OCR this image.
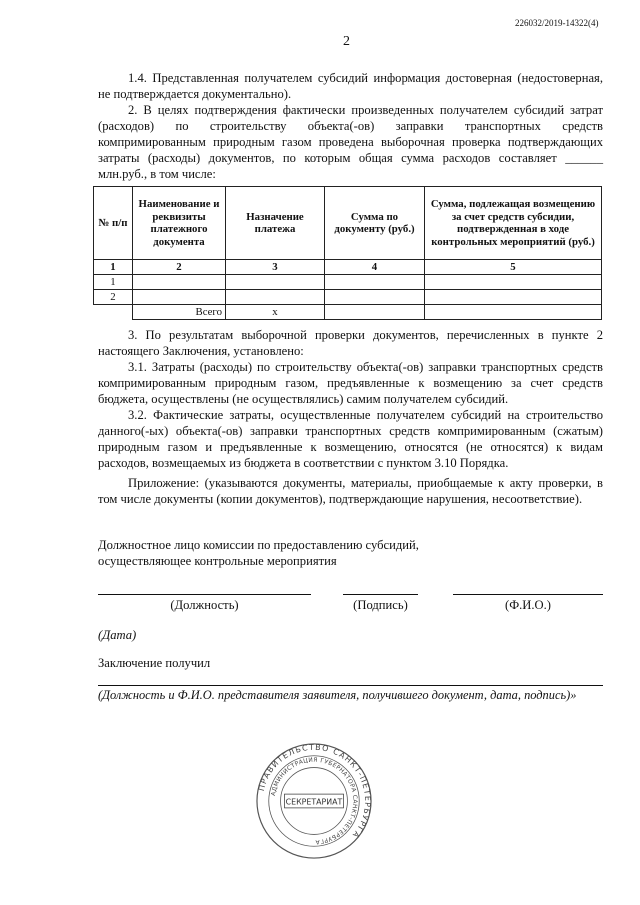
226032/2019-14322(4)
2

1.4. Представленная получателем субсидий информация достоверная (недостоверная, не подтверждается документально).

2. В целях подтверждения фактически произведенных получателем субсидий затрат (расходов) по строительству объекта(-ов) заправки транспортных средств компримированным природным газом проведена выборочная проверка подтверждающих затраты (расходы) документов, по которым общая сумма расходов составляет ______ млн.руб., в том числе:

№ п/п	Наименование и реквизиты платежного документа	Назначение платежа	Сумма по документу (руб.)	Сумма, подлежащая возмещению за счет средств субсидии, подтвержденная в ходе контрольных мероприятий (руб.)
1	2	3	4	5
1				
2				
	Всего	x		

3. По результатам выборочной проверки документов, перечисленных в пункте 2 настоящего Заключения, установлено:

3.1. Затраты (расходы) по строительству объекта(-ов) заправки транспортных средств компримированным природным газом, предъявленные к возмещению за счет средств бюджета, осуществлены (не осуществлялись) самим получателем субсидий.

3.2. Фактические затраты, осуществленные получателем субсидий на строительство данного(-ых) объекта(-ов) заправки транспортных средств компримированным (сжатым) природным газом и предъявленные к возмещению, относятся (не относятся) к видам расходов, возмещаемых из бюджета в соответствии с пунктом 3.10 Порядка.

Приложение: (указываются документы, материалы, приобщаемые к акту проверки, в том числе документы (копии документов), подтверждающие нарушения, несоответствие).

Должностное лицо комиссии по предоставлению субсидий,
осуществляющее контрольные мероприятия
(Должность)	(Подпись)	(Ф.И.О.)
(Дата)
Заключение получил
(Должность и Ф.И.О. представителя заявителя, получившего документ, дата, подпись)»
ПРАВИТЕЛЬСТВО САНКТ-ПЕТЕРБУРГА
АДМИНИСТРАЦИЯ ГУБЕРНАТОРА САНКТ-ПЕТЕРБУРГА
СЕКРЕТАРИАТ
